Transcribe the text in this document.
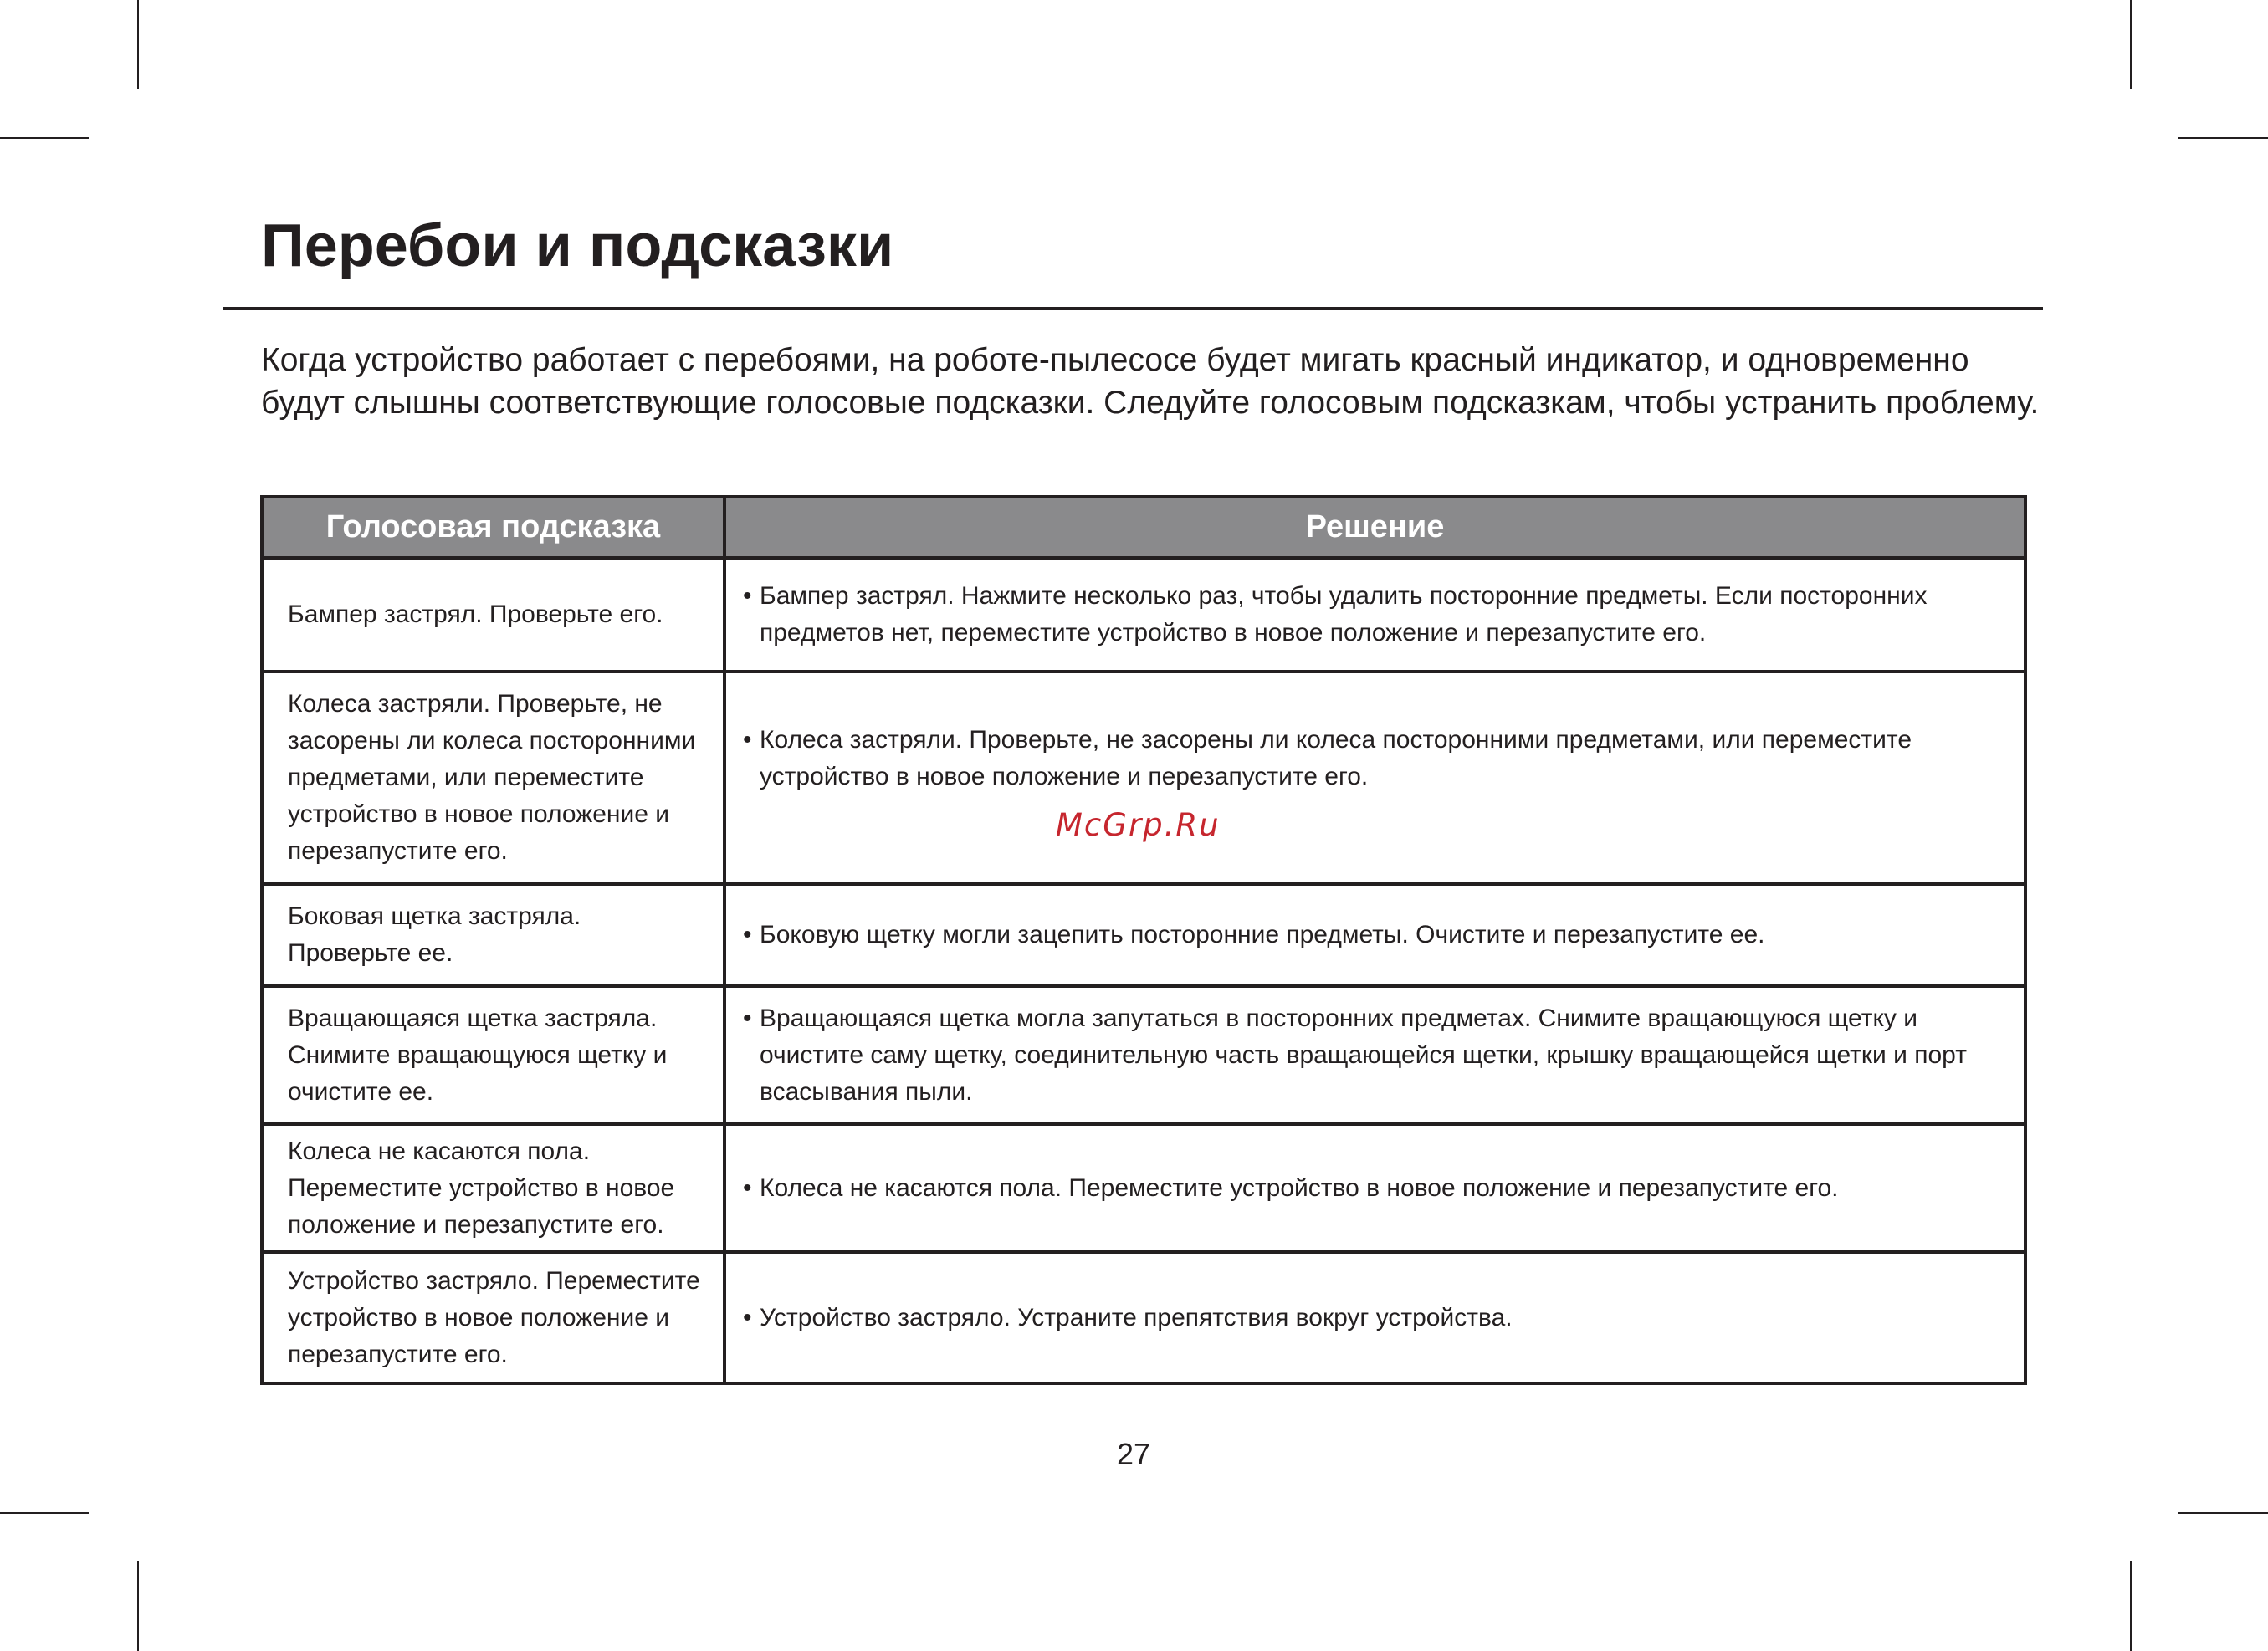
Перебои и подсказки

Когда устройство работает с перебоями, на роботе-пылесосе будет мигать красный индикатор, и одновременно будут слышны соответствующие голосовые подсказки. Следуйте голосовым подсказкам, чтобы устранить проблему.

Голосовая подсказка	Решение
Бампер застрял. Проверьте его.	• Бампер застрял. Нажмите несколько раз, чтобы удалить посторонние предметы. Если посторонних предметов нет, переместите устройство в новое положение и перезапустите его.

Колеса застряли. Проверьте, не засорены ли колеса посторонними предметами, или переместите устройство в новое положение и перезапустите его.	• Колеса застряли. Проверьте, не засорены ли колеса посторонними предметами, или переместите устройство в новое положение и перезапустите его.

Боковая щетка застряла. Проверьте ее.	• Боковую щетку могли зацепить посторонние предметы. Очистите и перезапустите ее.

Вращающаяся щетка застряла. Снимите вращающуюся щетку и очистите ее.	• Вращающаяся щетка могла запутаться в посторонних предметах. Снимите вращающуюся щетку и очистите саму щетку, соединительную часть вращающейся щетки, крышку вращающейся щетки и порт всасывания пыли.

Колеса не касаются пола. Переместите устройство в новое положение и перезапустите его.	• Колеса не касаются пола. Переместите устройство в новое положение и перезапустите его.

Устройство застряло. Переместите устройство в новое положение и перезапустите его.	• Устройство застряло. Устраните препятствия вокруг устройства.
McGrp.Ru
27
